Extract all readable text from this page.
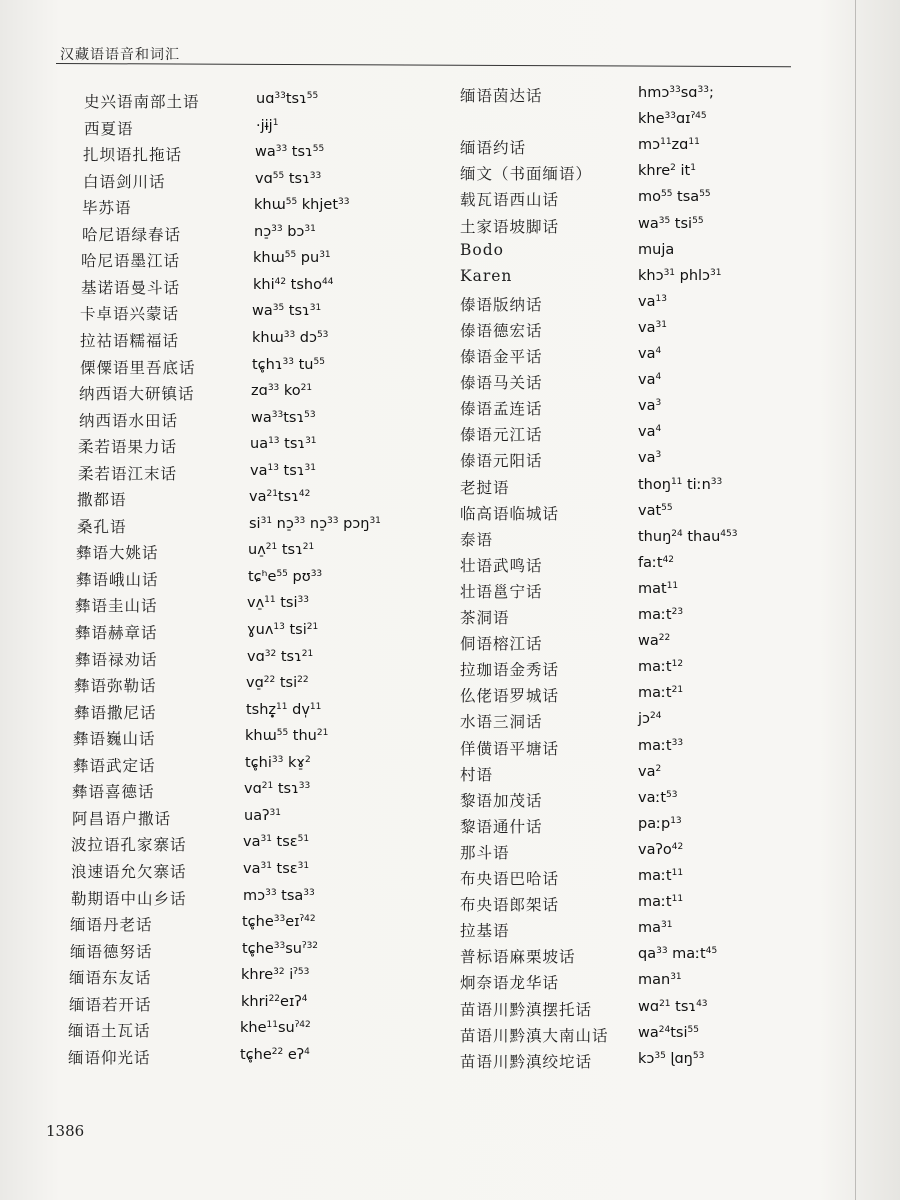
汉藏语语音和词汇
史兴语南部土语	uɑ$^{33}$tsɿ$^{55}$
西夏语	·jɨj$^1$
扎坝语扎拖话	$wa^{33}$ tsɿ$^{55}$
白语剑川话	vɑ$^{55}$ tsɿ$^{33}$
毕苏语	khɯ$^{55}$ khjet$^{33}$
哈尼语绿春话	nɔ̠$^{33}$ bɔ$^{31}$
哈尼语墨江话	khɯ$^{55}$ $pu^{31}$
基诺语曼斗话	khi$^{42}$ tsho$^{44}$
卡卓语兴蒙话	$wa^{35}$ tsɿ$^{31}$
拉祜语糯福话	khɯ$^{33}$ dɔ$^{53}$
傈僳语里吾底话	tɕ̥hɿ$^{33}$ $tu^{55}$
纳西语大研镇话	zɑ$^{33}$ $ko^{21}$
纳西语水田话	$wa^{33}tsɿ^{53}$
柔若语果力话	$ua^{13}$ tsɿ$^{31}$
柔若语江末话	$va^{13}$ tsɿ$^{31}$
撒都语	$va^{21}tsɿ^{42}$
桑孔语	$si^{31}$ nɔ̠$^{33}$ nɔ̠$^{33}$ pɔŋ$^{31}$
彝语大姚话	uʌ̠$^{21}$ tsɿ$^{21}$
彝语峨山话	tɕʰe$^{55}$ pʊ$^{33}$
彝语圭山话	vʌ̠$^{11}$ tsi$^{33}$
彝语赫章话	ɣuʌ$^{13}$ tsi$^{21}$
彝语禄劝话	vɑ$^{32}$ tsɿ$^{21}$
彝语弥勒话	vɑ̠$^{22}$ tsi$^{22}$
彝语撒尼话	tshẓ̥$^{11}$ dv̩$^{11}$
彝语巍山话	khɯ$^{55}$ thu$^{21}$
彝语武定话	$tɕ̥hi^{33}$ kɤ̠$^2$
彝语喜德话	vɑ$^{21}$ tsɿ$^{33}$
阿昌语户撒话	uaʔ$^{31}$
波拉语孔家寨话	$va^{31}$ tsɛ$^{51}$
浪速语允欠寨话	$va^{31}$ tsɛ$^{31}$
勒期语中山乡话	mɔ$^{33}$ tsa$^{33}$
缅语丹老话	$tɕ̥he^{33}eɪ^{ʔ42}$
缅语德努话	$tɕ̥he^{33}su^{ʔ32}$
缅语东友话	khre$^{32}$ $i^{ʔ53}$
缅语若开话	khri$^{22}$eɪʔ$^4$
缅语土瓦话	$khe^{11}su^{ʔ42}$
缅语仰光话	$tɕ̥he^{22}$ eʔ$^4$
缅语茵达话	hmɔ$^{33}$sɑ$^{33}$;
khe$^{33}$ɑɪ$^{ʔ45}$
缅语约话	mɔ$^{11}$zɑ$^{11}$
缅文（书面缅语）	khre$^2$ $it^1$
载瓦语西山话	$mo^{55}$ tsa$^{55}$
土家语坡脚话	$wa^{35}$ tsi$^{55}$
Bodo	muja
Karen	khɔ$^{31}$ phlɔ$^{31}$
傣语版纳话	$va^{13}$
傣语德宏话	$va^{31}$
傣语金平话	$va^4$
傣语马关话	$va^4$
傣语孟连话	$va^3$
傣语元江话	$va^4$
傣语元阳话	$va^3$
老挝语	thoŋ$^{11}$ tiːn$^{33}$
临高语临城话	vat$^{55}$
泰语	thuŋ$^{24}$ thau$^{453}$
壮语武鸣话	faːt$^{42}$
壮语邕宁话	mat$^{11}$
茶洞语	maːt$^{23}$
侗语榕江话	$wa^{22}$
拉珈语金秀话	maːt$^{12}$
仫佬语罗城话	maːt$^{21}$
水语三洞话	jɔ$^{24}$
佯僙语平塘话	maːt$^{33}$
村语	$va^2$
黎语加茂话	vaːt$^{53}$
黎语通什话	paːp$^{13}$
那斗语	vaʔo$^{42}$
布央语巴哈话	maːt$^{11}$
布央语郎架话	maːt$^{11}$
拉基语	$ma^{31}$
普标语麻栗坡话	$qa^{33}$ maːt$^{45}$
炯奈语龙华话	man$^{31}$
苗语川黔滇摆托话	wɑ$^{21}$ tsɿ$^{43}$
苗语川黔滇大南山话 $wa^{24}tsi^{55}$
苗语川黔滇绞坨话	kɔ$^{35}$ ɭɑŋ$^{53}$
1386
